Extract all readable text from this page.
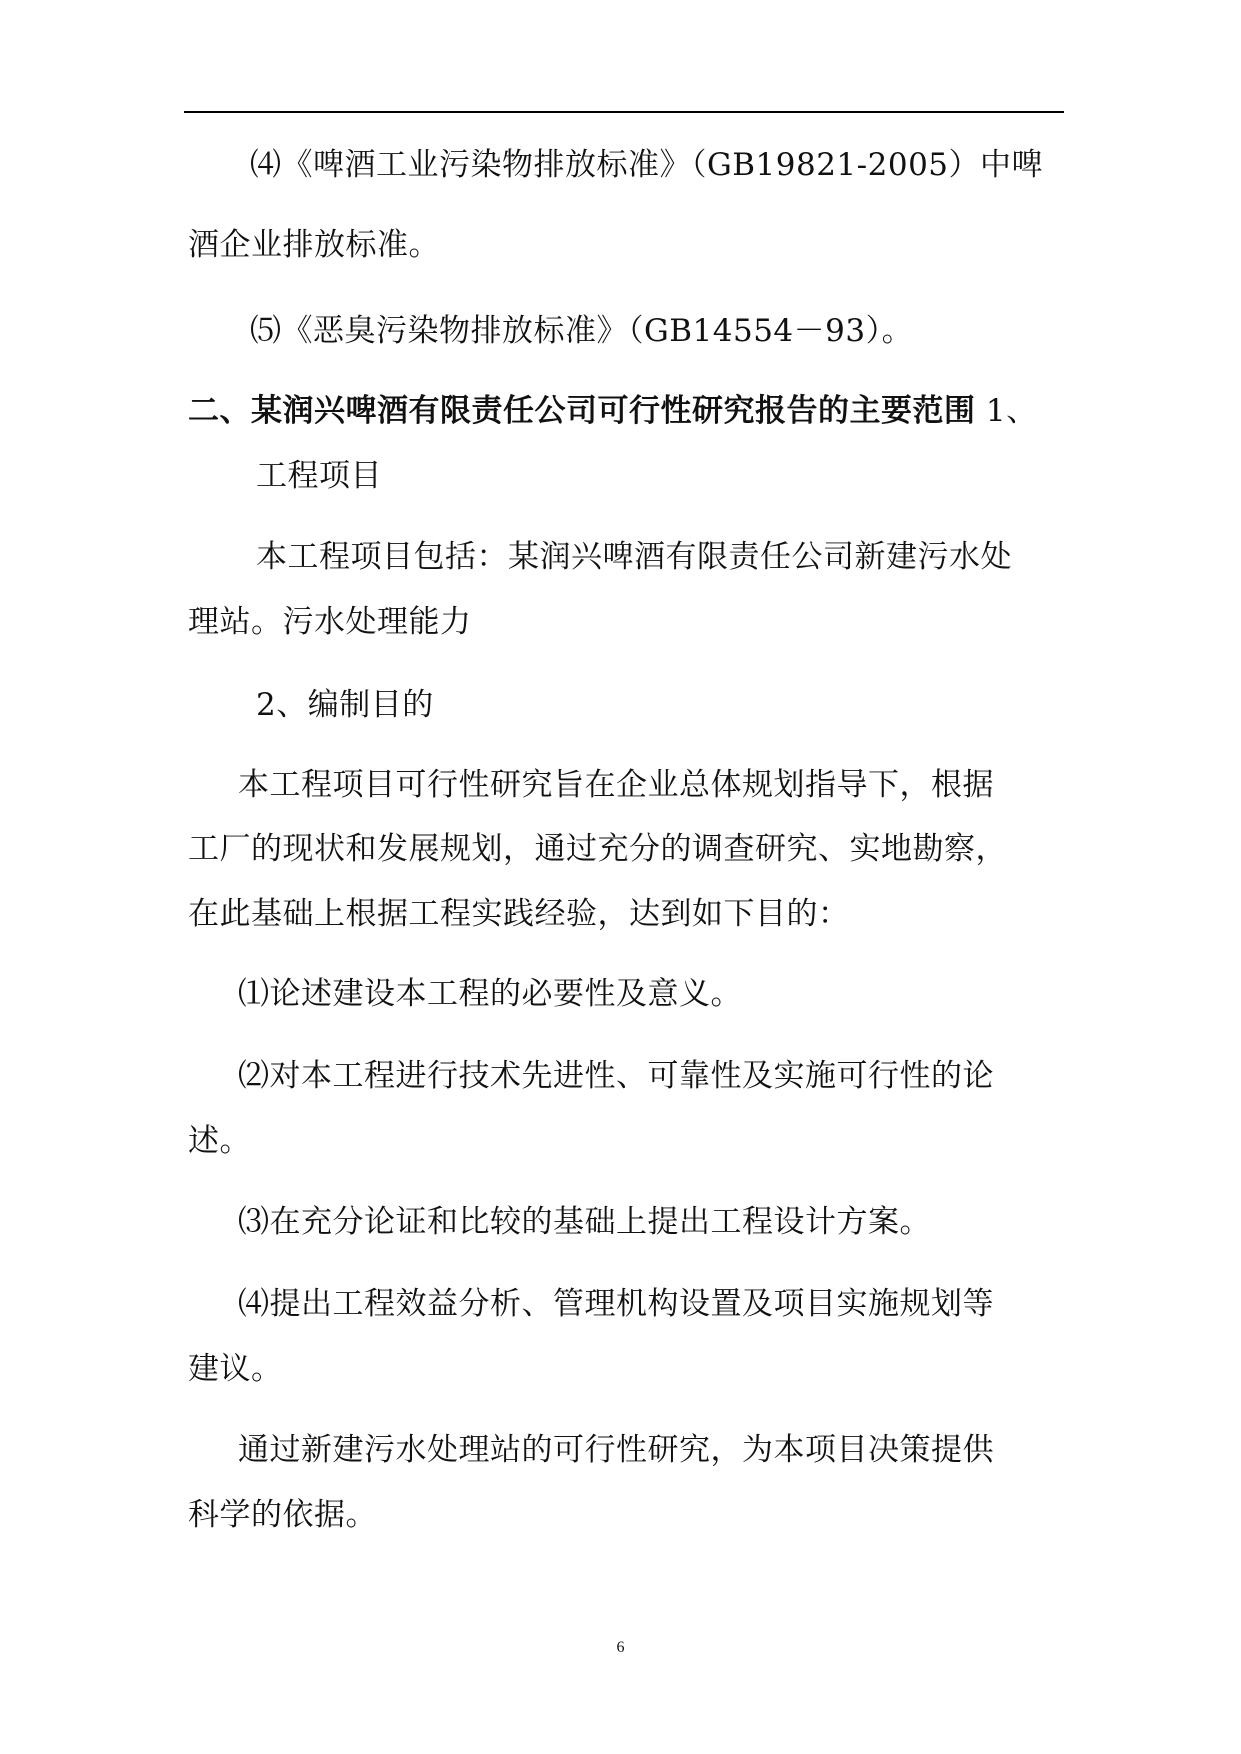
⑷《啤酒工业污染物排放标准》（GB19821-2005）中啤
酒企业排放标准。
⑸《恶臭污染物排放标准》（GB14554－93）。
二、某润兴啤酒有限责任公司可行性研究报告的主要范围 1、
工程项目
本工程项目包括：某润兴啤酒有限责任公司新建污水处
理站。污水处理能力
2、编制目的
本工程项目可行性研究旨在企业总体规划指导下，根据
工厂的现状和发展规划，通过充分的调查研究、实地勘察，
在此基础上根据工程实践经验，达到如下目的：
⑴论述建设本工程的必要性及意义。
⑵对本工程进行技术先进性、可靠性及实施可行性的论
述。
⑶在充分论证和比较的基础上提出工程设计方案。
⑷提出工程效益分析、管理机构设置及项目实施规划等
建议。
通过新建污水处理站的可行性研究，为本项目决策提供
科学的依据。
6
